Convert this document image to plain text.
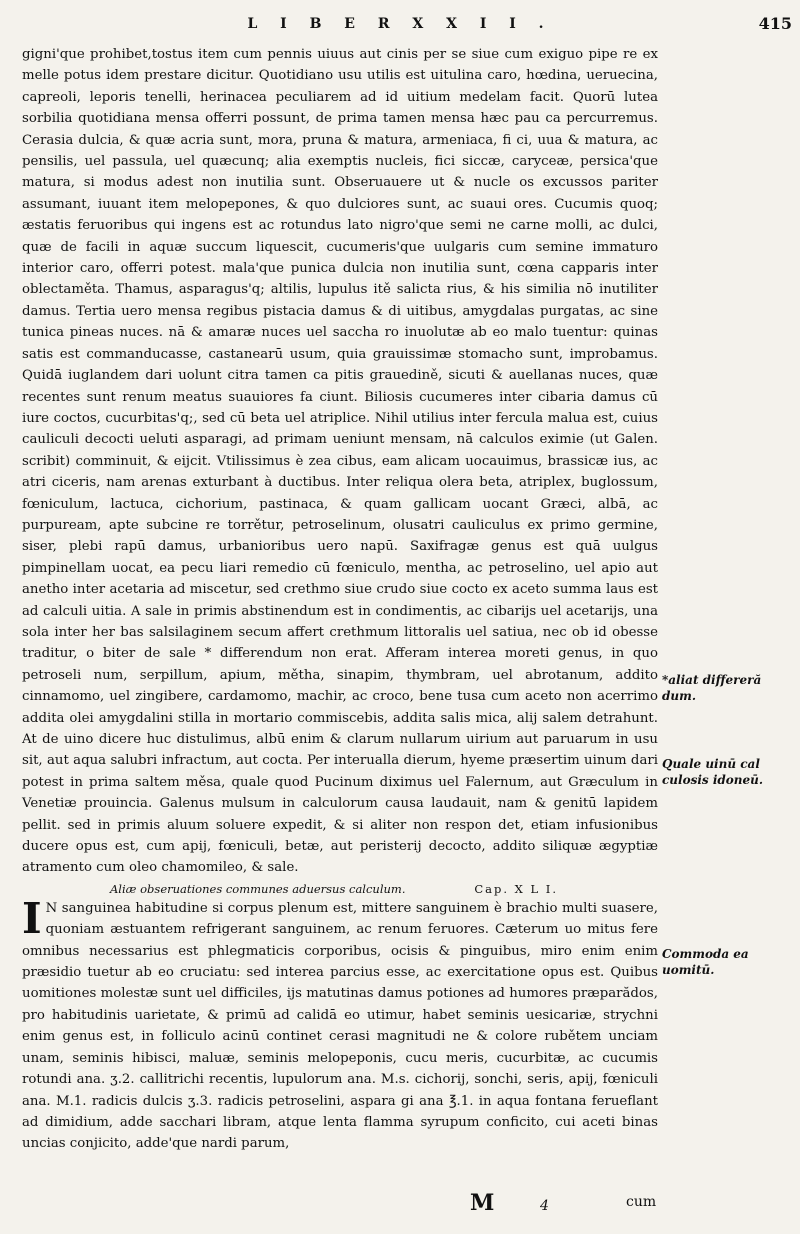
L I B E R X X I I .	415

gigni'que prohibet,tostus item cum pennis uiuus aut cinis per se siue cum exiguo pipe re ex melle potus idem prestare dicitur. Quotidiano usu utilis est uitulina caro, hœdina, ueruecina, capreoli, leporis tenelli, herinacea peculiarem ad id uitium medelam facit. Quorū lutea sorbilia quotidiana mensa offerri possunt, de prima tamen mensa hæc pau ca percurremus. Cerasia dulcia, & quæ acria sunt, mora, pruna & matura, armeniaca, fi ci, uua & matura, ac pensilis, uel passula, uel quæcunq; alia exemptis nucleis, fici siccæ, caryceæ, persica'que matura, si modus adest non inutilia sunt. Obseruauere ut & nucle os excussos pariter assumant, iuuant item melopepones, & quo dulciores sunt, ac suaui ores. Cucumis quoq; æstatis feruoribus qui ingens est ac rotundus lato nigro'que semi ne carne molli, ac dulci, quæ de facili in aquæ succum liquescit, cucumeris'que uulgaris cum semine immaturo interior caro, offerri potest. mala'que punica dulcia non inutilia sunt, cœna capparis inter oblectaměta. Thamus, asparagus'q; altilis, lupulus itě salicta rius, & his similia nō inutiliter damus. Tertia uero mensa regibus pistacia damus & di uitibus, amygdalas purgatas, ac sine tunica pineas nuces. nā & amaræ nuces uel saccha ro inuolutæ ab eo malo tuentur: quinas satis est commanducasse, castanearū usum, quia grauissimæ stomacho sunt, improbamus. Quidā iuglandem dari uolunt citra tamen ca pitis grauedině, sicuti & auellanas nuces, quæ recentes sunt renum meatus suauiores fa ciunt. Biliosis cucumeres inter cibaria damus cū iure coctos, cucurbitas'q;, sed cū beta uel atriplice. Nihil utilius inter fercula malua est, cuius cauliculi decocti ueluti asparagi, ad primam ueniunt mensam, nā calculos eximie (ut Galen. scribit) comminuit, & eijcit. Vtilissimus è zea cibus, eam alicam uocauimus, brassicæ ius, ac atri ciceris, nam arenas exturbant à ductibus. Inter reliqua olera beta, atriplex, buglossum, fœniculum, lactuca, cichorium, pastinaca, & quam gallicam uocant Græci, albā, ac purpuream, apte subcine re torrětur, petroselinum, olusatri cauliculus ex primo germine, siser, plebi rapū damus, urbanioribus uero napū. Saxifragæ genus est quā uulgus pimpinellam uocat, ea pecu liari remedio cū fœniculo, mentha, ac petroselino, uel apio aut anetho inter acetaria ad miscetur, sed crethmo siue crudo siue cocto ex aceto summa laus est ad calculi uitia. A sale in primis abstinendum est in condimentis, ac cibarijs uel acetarijs, una sola inter her bas salsilaginem secum affert crethmum littoralis uel satiua, nec ob id obesse traditur, o biter de sale * differendum non erat. Afferam interea moreti genus, in quo petroseli num, serpillum, apium, mětha, sinapim, thymbram, uel abrotanum, addito cinnamomo, uel zingibere, cardamomo, machir, ac croco, bene tusa cum aceto non acerrimo addita olei amygdalini stilla in mortario commiscebis, addita salis mica, alij salem detrahunt. At de uino dicere huc distulimus, albū enim & clarum nullarum uirium aut paruarum in usu sit, aut aqua salubri infractum, aut cocta. Per interualla dierum, hyeme præsertim uinum dari potest in prima saltem měsa, quale quod Pucinum diximus uel Falernum, aut Græculum in Venetiæ prouincia. Galenus mulsum in calculorum causa laudauit, nam & genitū lapidem pellit. sed in primis aluum soluere expedit, & si aliter non respon det, etiam infusionibus ducere opus est, cum apij, fœniculi, betæ, aut peristerij decocto, addito siliquæ ægyptiæ atramento cum oleo chamomileo, & sale.

Aliæ obseruationes communes aduersus calculum.	Cap. X L I.

I N sanguinea habitudine si corpus plenum est, mittere sanguinem è brachio multi suasere, quoniam æstuantem refrigerant sanguinem, ac renum feruores. Cæterum uo mitus fere omnibus necessarius est phlegmaticis corporibus, ocisis & pinguibus, miro enim enim præsidio tuetur ab eo cruciatu: sed interea parcius esse, ac exercitatione opus est. Quibus uomitiones molestæ sunt uel difficiles, ijs matutinas damus potiones ad humores præparădos, pro habitudinis uarietate, & primū ad calidā eo utimur, habet seminis uesicariæ, strychni enim genus est, in folliculo acinū continet cerasi magnitudi ne & colore rubětem unciam unam, seminis hibisci, maluæ, seminis melopeponis, cucu meris, cucurbitæ, ac cucumis rotundi ana. ʒ.2. callitrichi recentis, lupulorum ana. M.s. cichorij, sonchi, seris, apij, fœniculi ana. M.1. radicis dulcis ʒ.3. radicis petroselini, aspara gi ana ℥.1. in aqua fontana ferueflant ad dimidium, adde sacchari libram, atque lenta flamma syrupum conficito, cui aceti binas uncias conjicito, adde'que nardi parum,

*aliat differeră dum.
Quale uinū cal culosis idoneū.
Commoda ea uomitū.
M	4	cum
